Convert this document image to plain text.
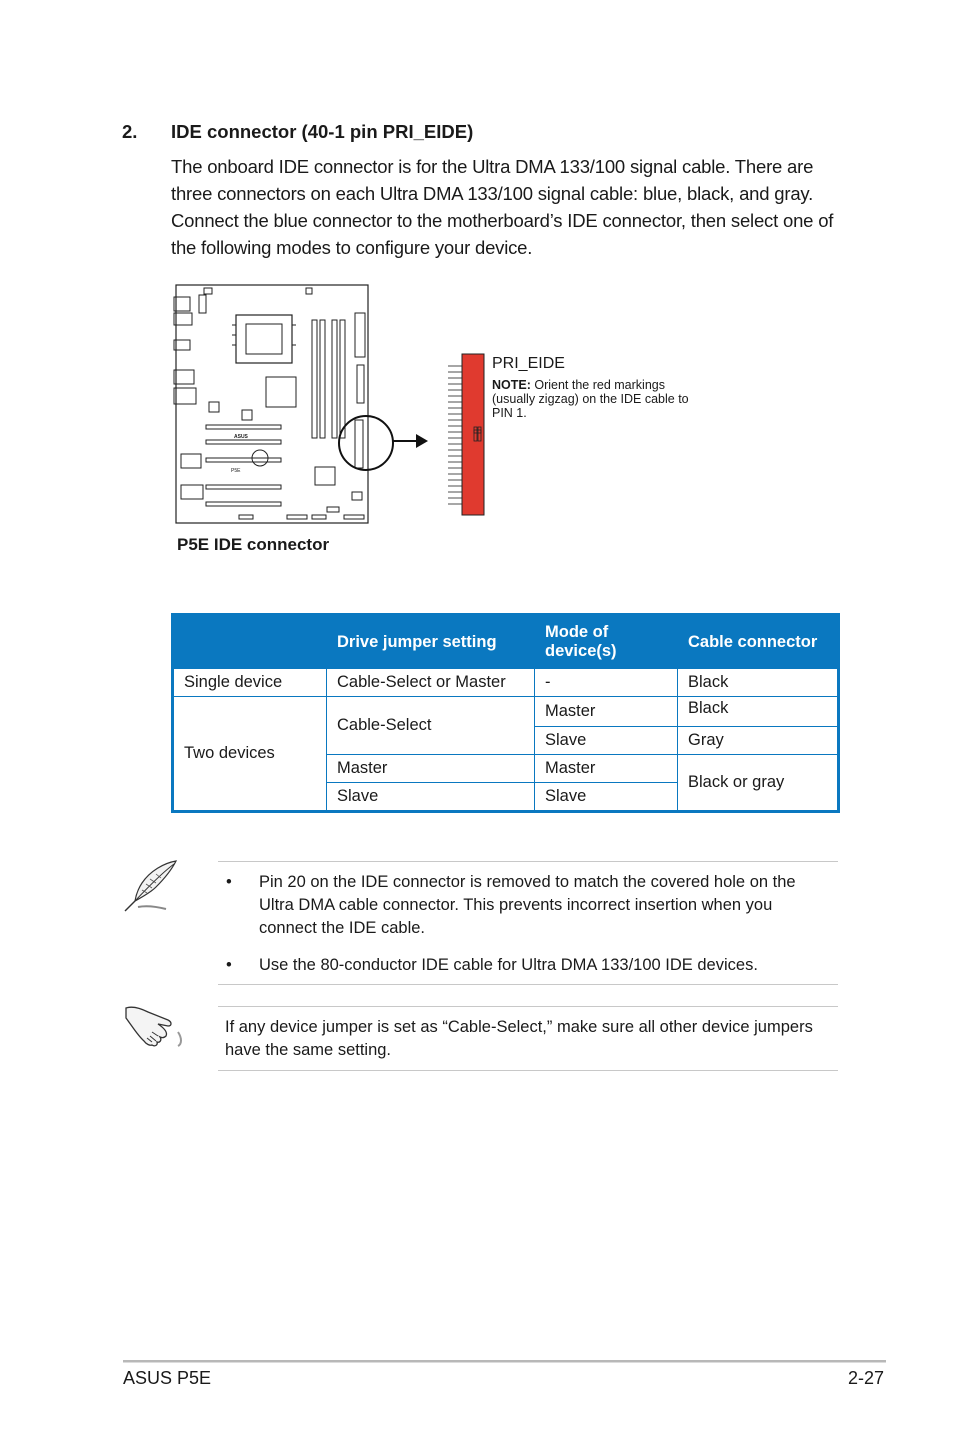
2. IDE connector (40-1 pin PRI_EIDE)
The onboard IDE connector is for the Ultra DMA 133/100 signal cable. There are three connectors on each Ultra DMA 133/100 signal cable: blue, black, and gray. Connect the blue connector to the motherboard’s IDE connector, then select one of the following modes to configure your device.
ASUS
P5E
PRI_EIDE
NOTE: Orient the red markings (usually zigzag) on the IDE cable to PIN 1.
P5E IDE connector
	Drive jumper setting	Mode of device(s)	Cable connector
Single device	Cable-Select or Master	-	Black
Two devices	Cable-Select	Master	Black
		Slave	Gray
	Master	Master	Black or gray
	Slave	Slave	
• Pin 20 on the IDE connector is removed to match the covered hole on the Ultra DMA cable connector. This prevents incorrect insertion when you connect the IDE cable.
• Use the 80-conductor IDE cable for Ultra DMA 133/100 IDE devices.
If any device jumper is set as “Cable-Select,” make sure all other device jumpers have the same setting.
ASUS P5E	2-27
